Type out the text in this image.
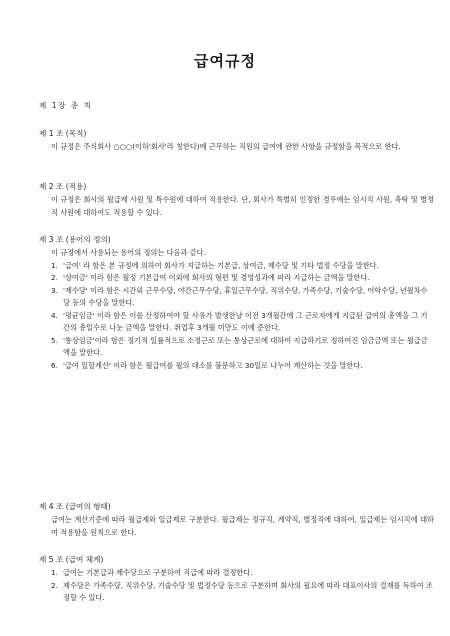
급여규정
제 1장 총 칙
제 1 조 (목적)
이 규정은 주식회사 ○○○(이하'회사'라 칭한다)에 근무하는 직원의 급여에 관한 사항을 규정함을 목적으로 한다.
제 2 조 (적용)
이 규정은 회사의 월급제 사원 및 특수원에 대하여 적용한다. 단, 회사가 특별히 인정한 경우에는 임시직 사원, 촉탁 및 별정직 사원에 대하여도 적용할 수 있다.
제 3 조 (용어의 정의)
이 규정에서 사용되는 용어의 정의는 다음과 같다.
1. '급여' 라 함은 본 규정에 의하여 회사가 지급하는 기본급, 상여금, 제수당 및 기타 법정 수당을 말한다.
2. '상여금' 이라 함은 월정 기본급여 이외에 회사의 형편 및 경영성과에 따라 지급하는 금액을 말한다.
3. '제수당' 이라 함은 시간외 근무수당, 야간근무수당, 휴일근무수당, 직위수당, 가족수당, 기술수당, 어학수당, 년월차수당 등의 수당을 말한다.
4. '평균임금' 이라 함은 이를 산정하여야 할 사유가 발생한날 이전 3개월간에 그 근로자에게 지급된 급여의 총액을 그 기간의 총일수로 나눈 금액을 말한다. 취업후 3개월 미만도 이에 준한다.
5. '통상임금'이라 함은 정기적 일률적으로 소정근로 또는 통상근로에 대하여 지급하기로 정하여진 임금금액 또는 월급금액을 말한다.
6. '급여 일할계산' 이라 함은 월급여를 월의 대소를 불문하고 30일로 나누어 계산하는 것을 말한다.
제 4 조 (급여의 형태)
급여는 계산기준에 따라 월급제와 일급제로 구분한다. 월급제는 정규직, 계약직, 별정직에 대하여, 일급제는 임시직에 대하여 적용함을 원칙으로 한다.
제 5 조 (급여 체계)
1. 급여는 기본급과 제수당으로 구분하여 직급에 따라 결정한다.
2. 제수당은 가족수당, 직위수당, 기술수당 및 법정수당 등으로 구분하며 회사의 필요에 따라 대표이사의 결재를 득하여 조정할 수 있다.
